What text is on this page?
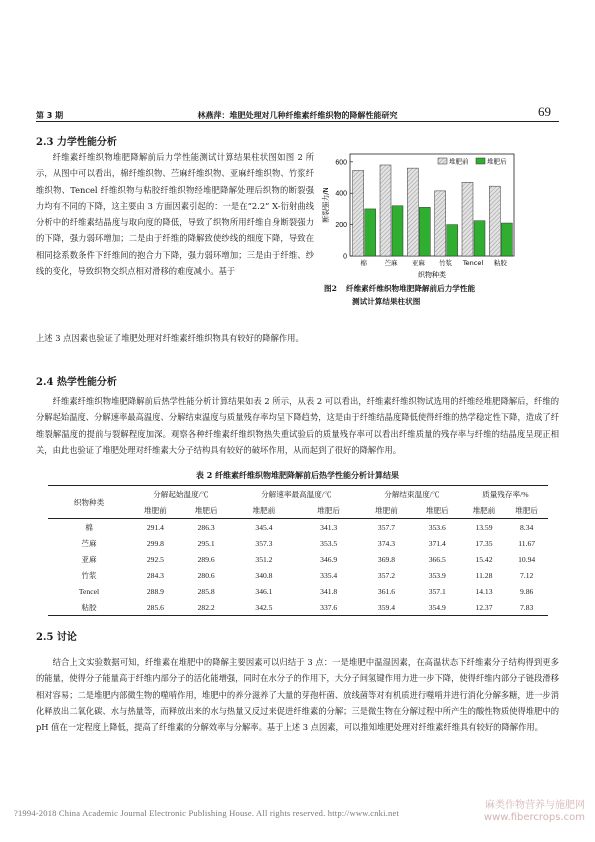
第 3 期	林燕萍：堆肥处理对几种纤维素纤维织物的降解性能研究	69
2.3 力学性能分析
纤维素纤维织物堆肥降解前后力学性能测试计算结果柱状图如图 2 所示，从图中可以看出，棉纤维织物、苎麻纤维织物、亚麻纤维织物、竹浆纤维织物、Tencel 纤维织物与粘胶纤维织物经堆肥降解处理后织物的断裂强力均有不同的下降，这主要由 3 方面因素引起的：一是在“2.2” X-衍射曲线分析中的纤维素结晶度与取向度的降低，导致了织物所用纤维自身断裂强力的下降，强力弱环增加；二是由于纤维的降解致使纱线的细度下降，导致在相同捻系数条件下纤维间的抱合力下降，强力弱环增加；三是由于纤维、纱线的变化，导致织物交织点相对滑移的难度减小。基于
0
200
400
600
断裂强力/N
棉	苎麻 亚麻 竹浆 Tencel 粘胶
织物种类
堆肥前	堆肥后
图2 纤维素纤维织物堆肥降解前后力学性能
测试计算结果柱状图
上述 3 点因素也验证了堆肥处理对纤维素纤维织物具有较好的降解作用。
2.4 热学性能分析
纤维素纤维织物堆肥降解前后热学性能分析计算结果如表 2 所示，从表 2 可以看出，纤维素纤维织物试选用的纤维经堆肥降解后，纤维的分解起始温度、分解速率最高温度、分解结束温度与质量残存率均呈下降趋势，这是由于纤维结晶度降低使得纤维的热学稳定性下降，造成了纤维裂解温度的提前与裂解程度加深。观察各种纤维素纤维织物热失重试验后的质量残存率可以看出纤维质量的残存率与纤维的结晶度呈现正相关，由此也验证了堆肥处理对纤维素大分子结构具有较好的破坏作用，从而起到了很好的降解作用。
表 2 纤维素纤维织物堆肥降解前后热学性能分析计算结果
织物种类	分解起始温度/℃		分解速率最高温度/℃		分解结束温度/℃		质量残存率/%	
	堆肥前	堆肥后	堆肥前	堆肥后	堆肥前	堆肥后	堆肥前	堆肥后
棉	291.4	286.3	345.4	341.3	357.7	353.6	13.59	8.34
苎麻	299.8	295.1	357.3	353.5	374.3	371.4	17.35	11.67
亚麻	292.5	289.6	351.2	346.9	369.8	366.5	15.42	10.94
竹浆	284.3	280.6	340.8	335.4	357.2	353.9	11.28	7.12
Tencel	288.9	285.8	346.1	341.8	361.6	357.1	14.13	9.86
粘胶	285.6	282.2	342.5	337.6	359.4	354.9	12.37	7.83
2.5 讨论
结合上文实验数据可知，纤维素在堆肥中的降解主要因素可以归结于 3 点：一是堆肥中温湿因素，在高温状态下纤维素分子结构得到更多的能量，使得分子能量高于纤维内部分子的活化能增强，同时在水分子的作用下，大分子间氢键作用力进一步下降，使得纤维内部分子链段滑移相对容易；二是堆肥内部微生物的噬啃作用，堆肥中的养分滋养了大量的芽孢杆菌、放线菌等对有机质进行噬啃并进行消化分解多糖，进一步消化释放出二氧化碳、水与热量等，而释放出来的水与热量又反过来促进纤维素的分解；三是微生物在分解过程中所产生的酸性物质使得堆肥中的 pH 值在一定程度上降低，提高了纤维素的分解效率与分解率。基于上述 3 点因素，可以推知堆肥处理对纤维素纤维具有较好的降解作用。
?1994-2018 China Academic Journal Electronic Publishing House. All rights reserved. http://www.cnki.net
麻类作物营养与施肥网
www.fibercrops.com
